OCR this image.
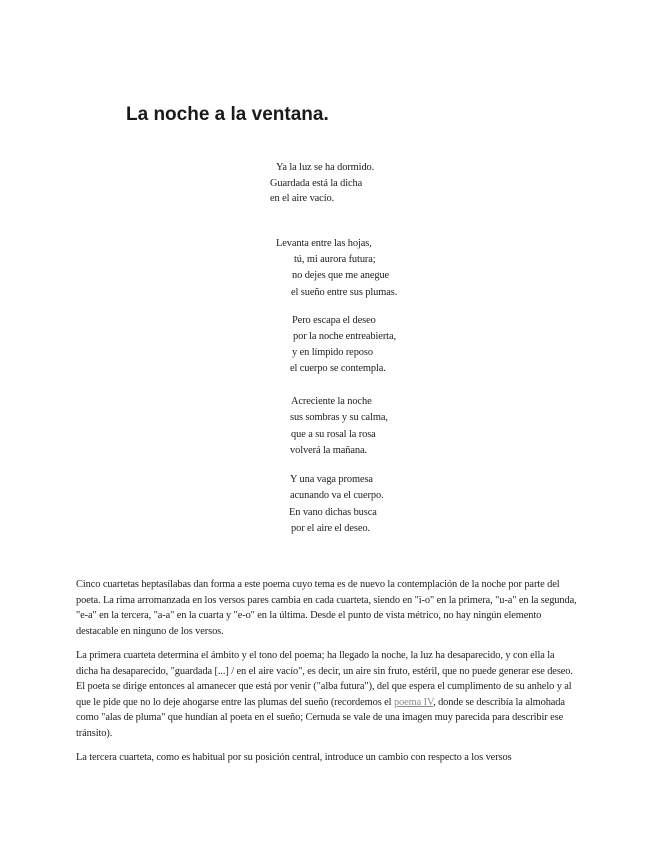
La noche a la ventana.
Ya la luz se ha dormido.
Guardada está la dicha
en el aire vacío.
Levanta entre las hojas,
tú, mi aurora futura;
no dejes que me anegue
el sueño entre sus plumas.
Pero escapa el deseo
por la noche entreabierta,
y en límpido reposo
el cuerpo se contempla.
Acreciente la noche
sus sombras y su calma,
que a su rosal la rosa
volverá la mañana.
Y una vaga promesa
acunando va el cuerpo.
En vano dichas busca
por el aire el deseo.

Cinco cuartetas heptasílabas dan forma a este poema cuyo tema es de nuevo la contemplación de la noche por parte del poeta. La rima arromanzada en los versos pares cambia en cada cuarteta, siendo en "i-o" en la primera, "u-a" en la segunda, "e-a" en la tercera, "a-a" en la cuarta y "e-o" en la última. Desde el punto de vista métrico, no hay ningún elemento destacable en ninguno de los versos.

La primera cuarteta determina el ámbito y el tono del poema; ha llegado la noche, la luz ha desaparecido, y con ella la dicha ha desaparecido, "guardada [...] / en el aire vacío", es decir, un aire sin fruto, estéril, que no puede generar ese deseo. El poeta se dirige entonces al amanecer que está por venir ("alba futura"), del que espera el cumplimento de su anhelo y al que le pide que no lo deje ahogarse entre las plumas del sueño (recordemos el poema IV, donde se describía la almohada como "alas de pluma" que hundían al poeta en el sueño; Cernuda se vale de una imagen muy parecida para describir ese tránsito).

La tercera cuarteta, como es habitual por su posición central, introduce un cambio con respecto a los versos
